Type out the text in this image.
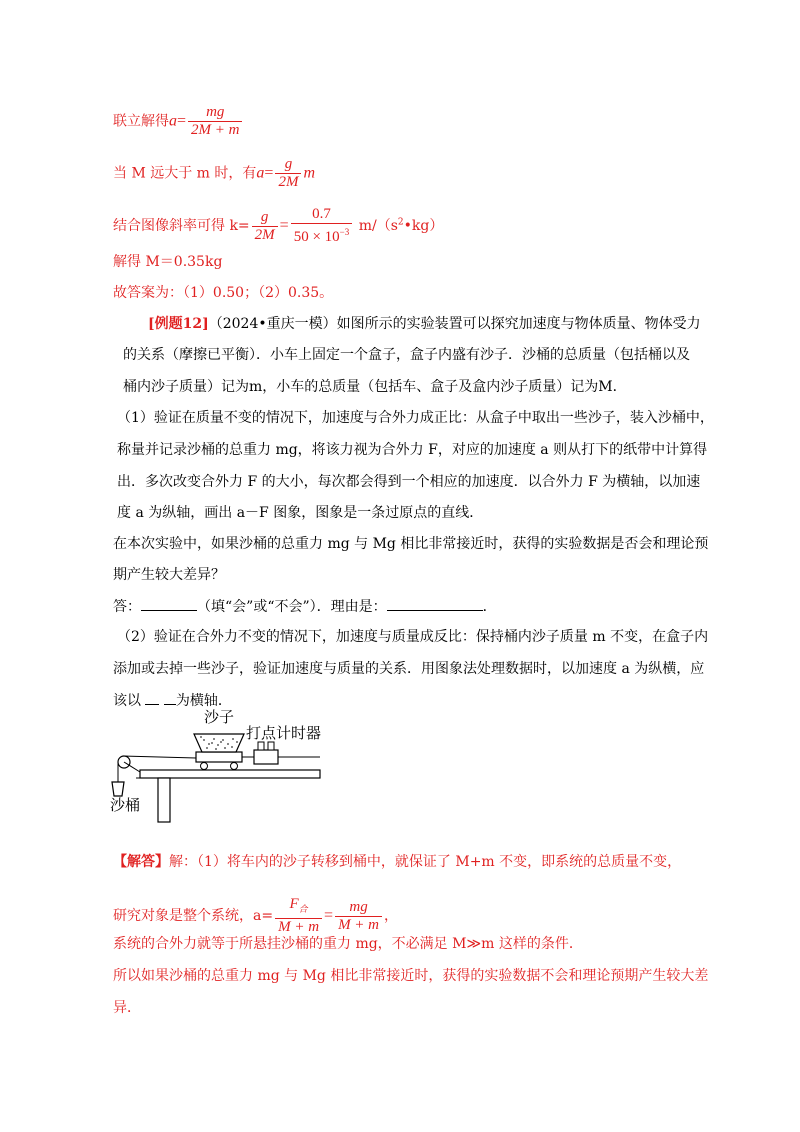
联立解得$a= \frac{mg}{2M + m}$
当 M 远大于 m 时，有$a= \frac{g}{2M}$ m
结合图像斜率可得 $k= \frac{g}{2M} = \frac{0.7}{50 \times 10^{-3}}$ $m/(s^2•kg)$
解得 M＝0.35kg
故答案为：（1）0.50；（2）0.35。
[例题12]（2024•重庆一模）如图所示的实验装置可以探究加速度与物体质量、物体受力
的关系（摩擦已平衡）．小车上固定一个盒子，盒子内盛有沙子．沙桶的总质量（包括桶以及
桶内沙子质量）记为m，小车的总质量（包括车、盒子及盒内沙子质量）记为M．
（1）验证在质量不变的情况下，加速度与合外力成正比：从盒子中取出一些沙子，装入沙桶中，
称量并记录沙桶的总重力 mg，将该力视为合外力 F，对应的加速度 a 则从打下的纸带中计算得
出．多次改变合外力 F 的大小，每次都会得到一个相应的加速度．以合外力 F 为横轴，以加速
度 a 为纵轴，画出 a－F 图象，图象是一条过原点的直线．
在本次实验中，如果沙桶的总重力 mg 与 Mg 相比非常接近时，获得的实验数据是否会和理论预
期产生较大差异？
答：	（填“会”或“不会”）．理由是：	．
（2）验证在合外力不变的情况下，加速度与质量成反比：保持桶内沙子质量 m 不变，在盒子内
添加或去掉一些沙子，验证加速度与质量的关系．用图象法处理数据时，以加速度 a 为纵横，应
该以 为横轴．
沙子
打点计时器
沙桶
【解答】解：（1）将车内的沙子转移到桶中，就保证了 M+m 不变，即系统的总质量不变，
研究对象是整个系统，$a= \frac{F_合}{M + m} = \frac{mg}{M + m}$ ，
系统的合外力就等于所悬挂沙桶的重力 mg，不必满足 M≫m 这样的条件．
所以如果沙桶的总重力 mg 与 Mg 相比非常接近时，获得的实验数据不会和理论预期产生较大差
异．
